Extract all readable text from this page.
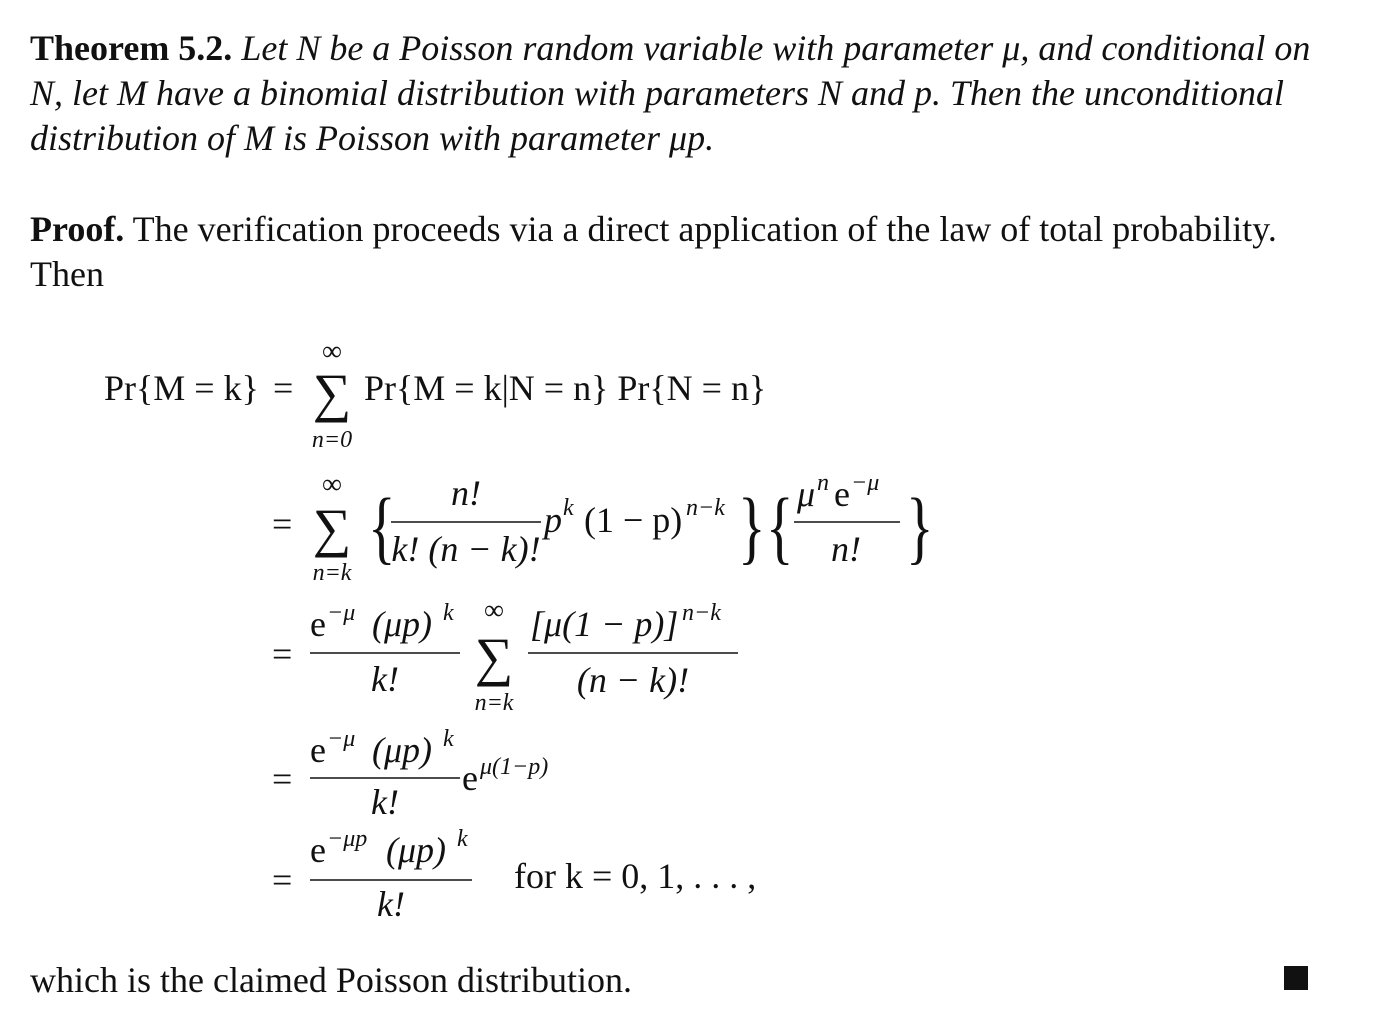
Theorem 5.2. Let N be a Poisson random variable with parameter μ, and conditional on N, let M have a binomial distribution with parameters N and p. Then the unconditional distribution of M is Poisson with parameter μp.

Proof. The verification proceeds via a direct application of the law of total probability. Then

Pr{M = k} =
∞
∑
n=0
Pr{M = k|N = n} Pr{N = n}
=
∞
∑
n=k
{ n!
k! (n − k)!
p k (1 − p) n−k } { μ n e −μ
n! }
=
e −μ (μp) k
k!
∞
∑
n=k
[μ(1 − p)] n−k
(n − k)!
=
e −μ (μp) k
k!
e μ(1−p)
=
e −μp (μp) k
k!
for k = 0, 1, . . . ,

which is the claimed Poisson distribution.
